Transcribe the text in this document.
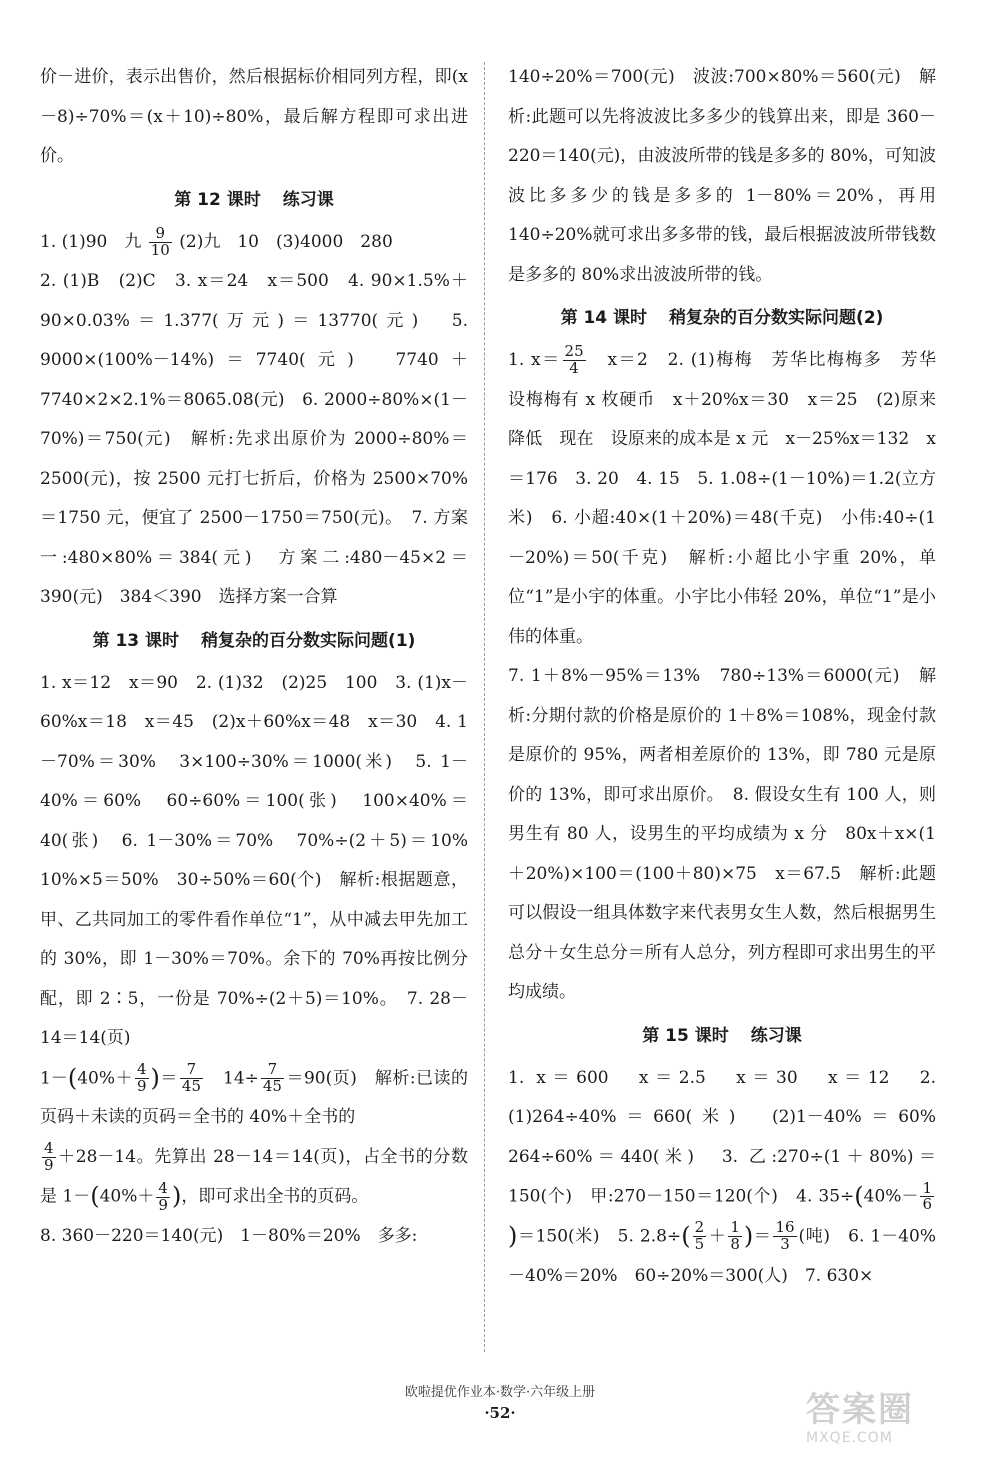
价－进价，表示出售价，然后根据标价相同列方程，即(x－8)÷70%＝(x＋10)÷80%，最后解方程即可求出进价。

第 12 课时 练习课

1. (1)90　九 $\frac{9}{10} (2)$九　10　(3)4000　280

2. (1)B　(2)C　3. x＝24　x＝500　4. 90×1.5%＋90×0.03%＝1.377(万元)＝13770(元)　5. 9000×(100%－14%)＝7740(元)　7740＋7740×2×2.1%＝8065.08(元)　6. 2000÷80%×(1－70%)＝750(元)　解析:先求出原价为 2000÷80%＝2500(元)，按 2500 元打七折后，价格为 2500×70%＝1750 元，便宜了 2500－1750＝750(元)。　7. 方案一:480×80%＝384(元)　方案二:480－45×2＝390(元)　384＜390　选择方案一合算

第 13 课时 稍复杂的百分数实际问题(1)

1. x＝12　x＝90　2. (1)32　(2)25　100　3. (1)x－60%x＝18　x＝45　(2)x＋60%x＝48　x＝30　4. 1－70%＝30%　3×100÷30%＝1000(米)　5. 1－40%＝60%　60÷60%＝100(张)　100×40%＝40(张)　6. 1－30%＝70%　70%÷(2＋5)＝10%　10%×5＝50%　30÷50%＝60(个)　解析:根据题意，甲、乙共同加工的零件看作单位“1”，从中减去甲先加工的 30%，即 1－30%＝70%。余下的 70%再按比例分配，即 2∶5，一份是 70%÷(2＋5)＝10%。　7. 28－14＝14(页)

$1-(40\%+ \frac{4}{9}$ )＝ $\frac{7}{45}$
　 $14\div \frac{7}{45} =90$(页)　解析:已读的页码＋未读的页码＝全书的 40%＋全书的

$\frac{4}{9} +28-14$。先算出 28－14＝14(页)，占全书的分数是 $1-(40\%+ \frac{4}{9}$ )，即可求出全书的页码。

8. 360－220＝140(元)　1－80%＝20%　多多:

140÷20%＝700(元)　波波:700×80%＝560(元)　解析:此题可以先将波波比多多少的钱算出来，即是 360－220＝140(元)，由波波所带的钱是多多的 80%，可知波波比多多少的钱是多多的 1－80%＝20%，再用 140÷20%就可求出多多带的钱，最后根据波波所带钱数是多多的 80%求出波波所带的钱。

第 14 课时 稍复杂的百分数实际问题(2)

1. $x= \frac{25}{4}$
　 x＝2　2. (1)梅梅　芳华比梅梅多　芳华　设梅梅有 x 枚硬币　x＋20%x＝30　x＝25　(2)原来　降低　现在　设原来的成本是 x 元　x－25%x＝132　x＝176　3. 20　4. 15　5. 1.08÷(1－10%)＝1.2(立方米)　6. 小超:40×(1＋20%)＝48(千克)　小伟:40÷(1－20%)＝50(千克)　解析:小超比小宇重 20%，单位“1”是小宇的体重。小宇比小伟轻 20%，单位“1”是小伟的体重。

7. 1＋8%－95%＝13%　780÷13%＝6000(元)　解析:分期付款的价格是原价的 1＋8%＝108%，现金付款是原价的 95%，两者相差原价的 13%，即 780 元是原价的 13%，即可求出原价。　8. 假设女生有 100 人，则男生有 80 人，设男生的平均成绩为 x 分　80x＋x×(1＋20%)×100＝(100＋80)×75　x＝67.5　解析:此题可以假设一组具体数字来代表男女生人数，然后根据男生总分＋女生总分＝所有人总分，列方程即可求出男生的平均成绩。

第 15 课时 练习课

1. x＝600　x＝2.5　x＝30　x＝12　2. (1)264÷40%＝660(米)　(2)1－40%＝60%　264÷60%＝440(米)　3. 乙:270÷(1＋80%)＝150(个)　甲:270－150＝120(个)　4. $35\div(40\%- \frac{1}{6}$
)＝150(米)　5. $2.8\div( \frac{2}{5} + \frac{1}{8}$ )＝ $\frac{16}{3}$ (吨)　6. 1－40%－40%＝20%　60÷20%＝300(人)　7. 630×

欧啦提优作业本·数学·六年级上册
·52·	答案圈
MXQE.COM
